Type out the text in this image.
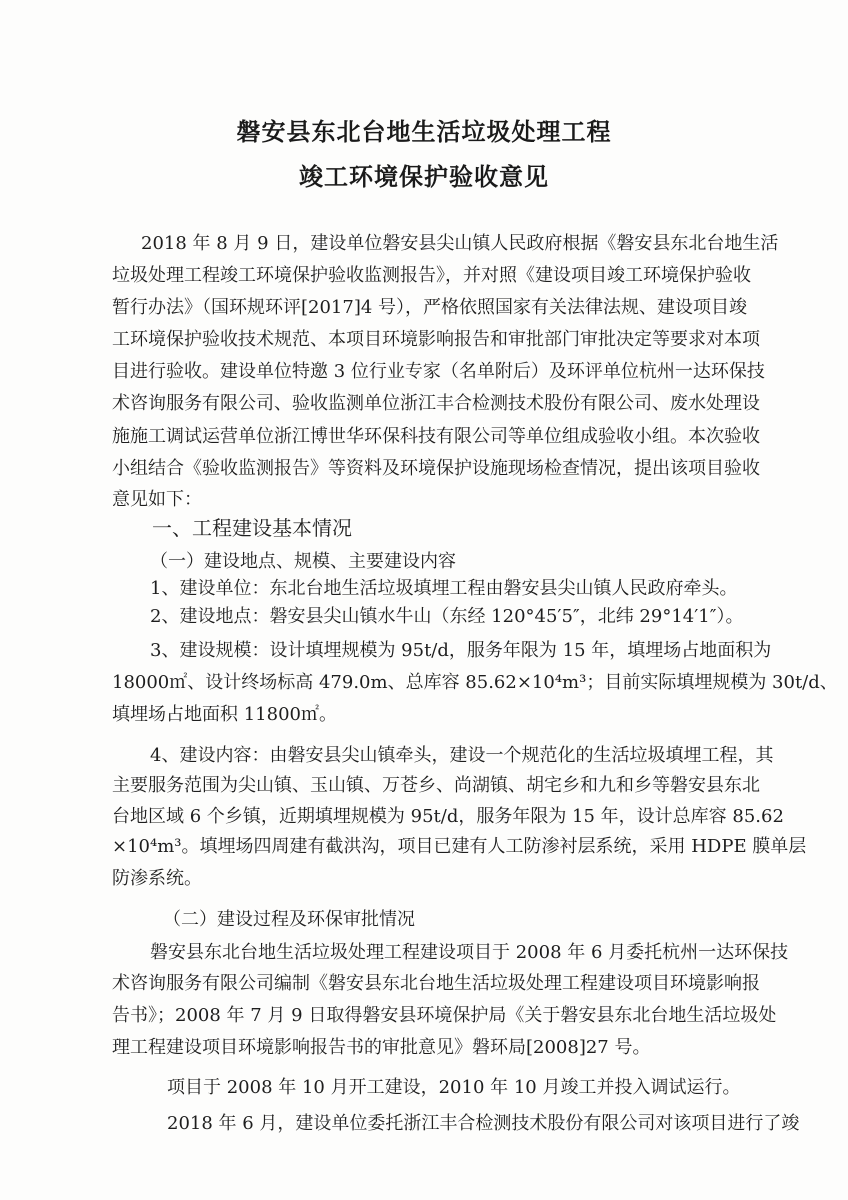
磐安县东北台地生活垃圾处理工程
竣工环境保护验收意见
2018 年 8 月 9 日，建设单位磐安县尖山镇人民政府根据《磐安县东北台地生活
垃圾处理工程竣工环境保护验收监测报告》，并对照《建设项目竣工环境保护验收
暂行办法》（国环规环评[2017]4 号），严格依照国家有关法律法规、建设项目竣
工环境保护验收技术规范、本项目环境影响报告和审批部门审批决定等要求对本项
目进行验收。建设单位特邀 3 位行业专家（名单附后）及环评单位杭州一达环保技
术咨询服务有限公司、验收监测单位浙江丰合检测技术股份有限公司、废水处理设
施施工调试运营单位浙江博世华环保科技有限公司等单位组成验收小组。本次验收
小组结合《验收监测报告》等资料及环境保护设施现场检查情况，提出该项目验收
意见如下：
一、工程建设基本情况
（一）建设地点、规模、主要建设内容
1、建设单位：东北台地生活垃圾填埋工程由磐安县尖山镇人民政府牵头。
2、建设地点：磐安县尖山镇水牛山（东经 120°45′5″，北纬 29°14′1″）。
3、建设规模：设计填埋规模为 95t/d，服务年限为 15 年，填埋场占地面积为
18000㎡、设计终场标高 479.0m、总库容 85.62×10⁴m³；目前实际填埋规模为 30t/d、
填埋场占地面积 11800㎡。
4、建设内容：由磐安县尖山镇牵头，建设一个规范化的生活垃圾填埋工程，其
主要服务范围为尖山镇、玉山镇、万苍乡、尚湖镇、胡宅乡和九和乡等磐安县东北
台地区域 6 个乡镇，近期填埋规模为 95t/d，服务年限为 15 年，设计总库容 85.62
×10⁴m³。填埋场四周建有截洪沟，项目已建有人工防渗衬层系统，采用 HDPE 膜单层
防渗系统。
（二）建设过程及环保审批情况
磐安县东北台地生活垃圾处理工程建设项目于 2008 年 6 月委托杭州一达环保技
术咨询服务有限公司编制《磐安县东北台地生活垃圾处理工程建设项目环境影响报
告书》；2008 年 7 月 9 日取得磐安县环境保护局《关于磐安县东北台地生活垃圾处
理工程建设项目环境影响报告书的审批意见》磐环局[2008]27 号。
项目于 2008 年 10 月开工建设，2010 年 10 月竣工并投入调试运行。
2018 年 6 月，建设单位委托浙江丰合检测技术股份有限公司对该项目进行了竣
